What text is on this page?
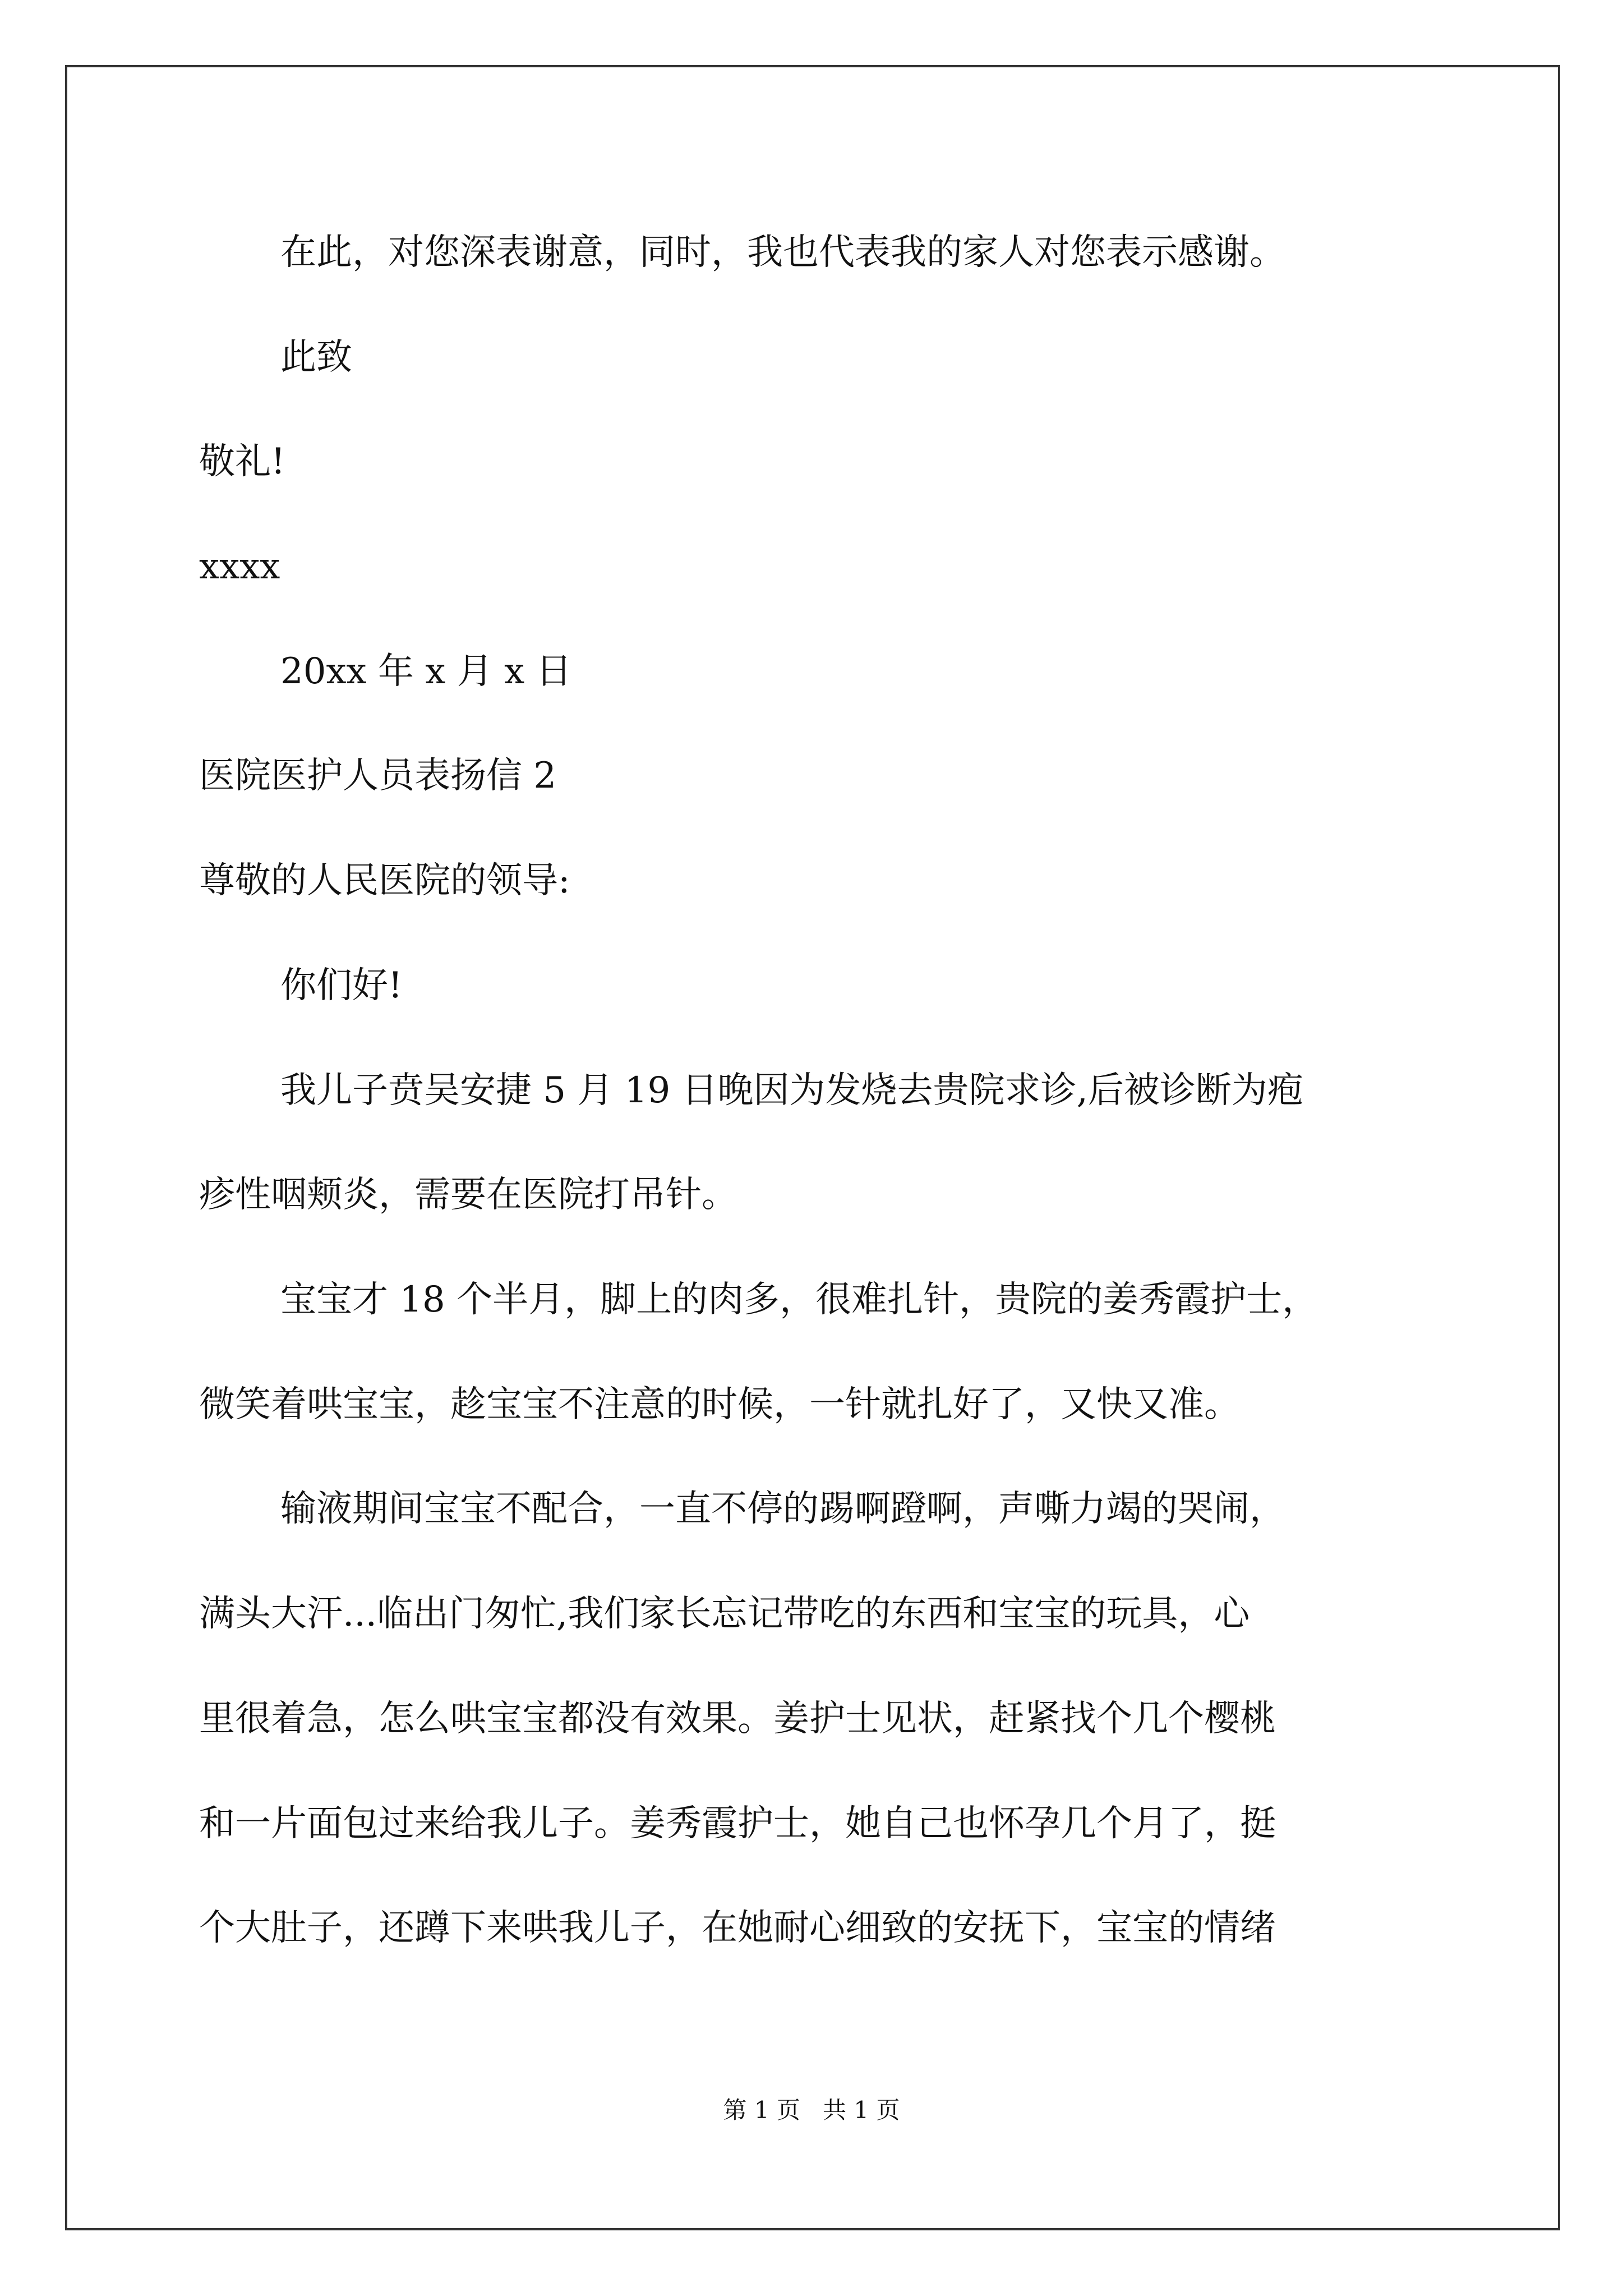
在此，对您深表谢意，同时，我也代表我的家人对您表示感谢。
此致
敬礼!
xxxx
20xx 年 x 月 x 日
医院医护人员表扬信 2
尊敬的人民医院的领导:
你们好!
我儿子贲吴安捷 5 月 19 日晚因为发烧去贵院求诊,后被诊断为疱
疹性咽颊炎，需要在医院打吊针。
宝宝才 18 个半月，脚上的肉多，很难扎针，贵院的姜秀霞护士，
微笑着哄宝宝，趁宝宝不注意的时候，一针就扎好了，又快又准。
输液期间宝宝不配合，一直不停的踢啊蹬啊，声嘶力竭的哭闹，
满头大汗...临出门匆忙,我们家长忘记带吃的东西和宝宝的玩具，心
里很着急，怎么哄宝宝都没有效果。姜护士见状，赶紧找个几个樱桃
和一片面包过来给我儿子。姜秀霞护士，她自己也怀孕几个月了，挺
个大肚子，还蹲下来哄我儿子，在她耐心细致的安抚下，宝宝的情绪
第 1 页   共 1 页
